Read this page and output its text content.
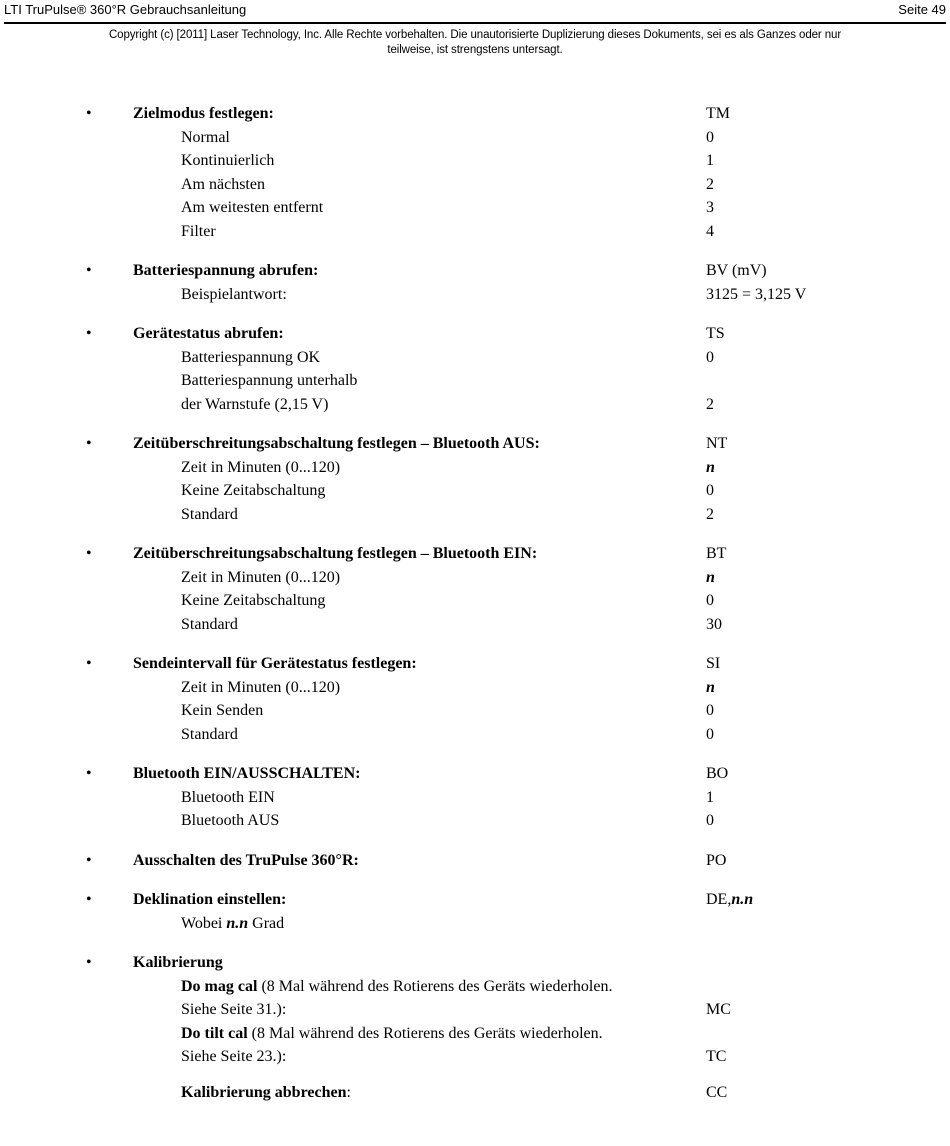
LTI TruPulse® 360°R Gebrauchsanleitung	Seite 49
Copyright (c) [2011] Laser Technology, Inc. Alle Rechte vorbehalten. Die unautorisierte Duplizierung dieses Dokuments, sei es als Ganzes oder nur
teilweise, ist strengstens untersagt.
•	Zielmodus festlegen:	TM
Normal	0
Kontinuierlich	1
Am nächsten	2
Am weitesten entfernt	3
Filter	4
•	Batteriespannung abrufen:	BV (mV)
Beispielantwort:	3125 = 3,125 V
•	Gerätestatus abrufen:	TS
Batteriespannung OK	0
Batteriespannung unterhalb
der Warnstufe (2,15 V)	2
•	Zeitüberschreitungsabschaltung festlegen – Bluetooth AUS:	NT
Zeit in Minuten (0...120)	n
Keine Zeitabschaltung	0
Standard	2
•	Zeitüberschreitungsabschaltung festlegen – Bluetooth EIN:	BT
Zeit in Minuten (0...120)	n
Keine Zeitabschaltung	0
Standard	30
•	Sendeintervall für Gerätestatus festlegen:	SI
Zeit in Minuten (0...120)	n
Kein Senden	0
Standard	0
•	Bluetooth EIN/AUSSCHALTEN:	BO
Bluetooth EIN	1
Bluetooth AUS	0
•	Ausschalten des TruPulse 360°R:	PO
•	Deklination einstellen:	DE,n.n
Wobei n.n Grad
•	Kalibrierung
Do mag cal (8 Mal während des Rotierens des Geräts wiederholen.
Siehe Seite 31.):	MC
Do tilt cal (8 Mal während des Rotierens des Geräts wiederholen.
Siehe Seite 23.):	TC
Kalibrierung abbrechen:	CC
